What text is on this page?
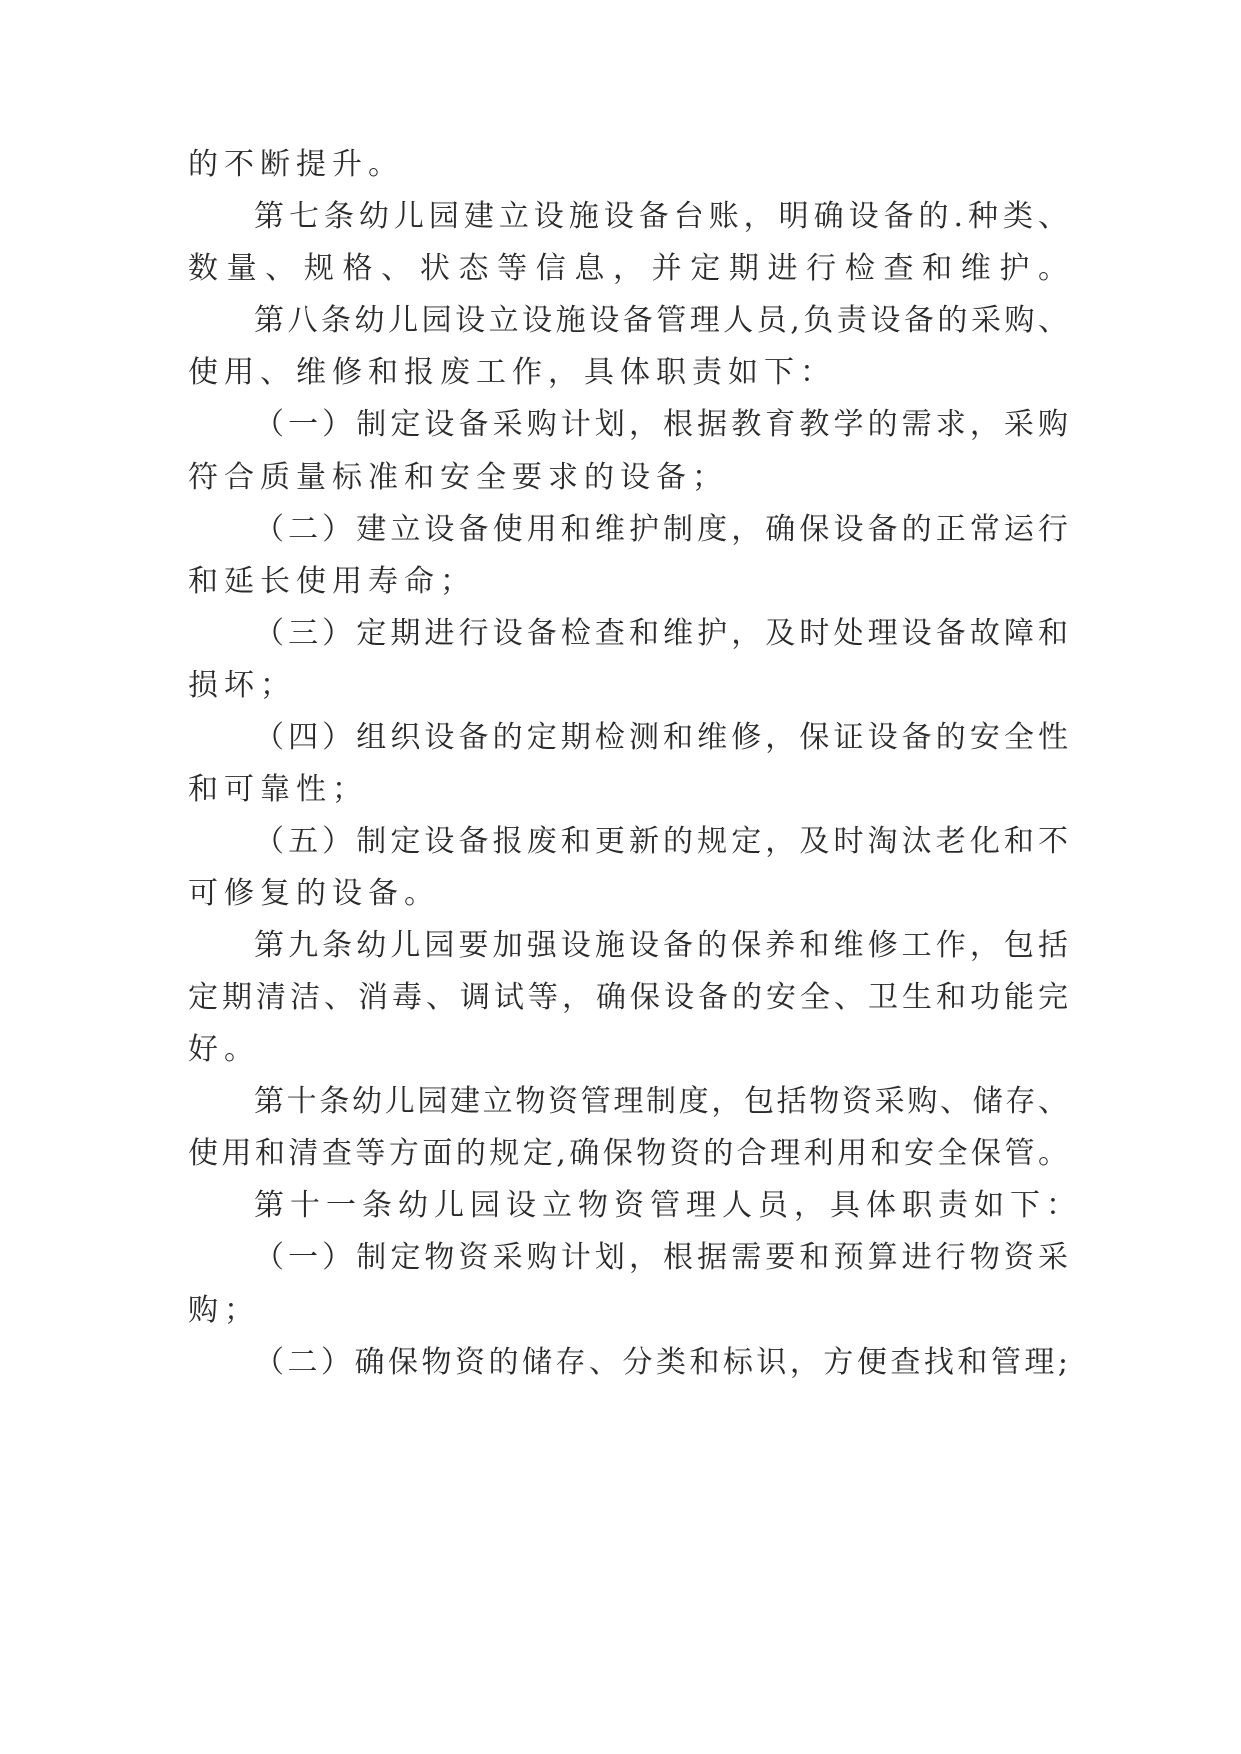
的不断提升。
第七条幼儿园建立设施设备台账，明确设备的.种类、
数量、规格、状态等信息，并定期进行检查和维护。
第八条幼儿园设立设施设备管理人员,负责设备的采购、
使用、维修和报废工作，具体职责如下：
（一）制定设备采购计划，根据教育教学的需求，采购
符合质量标准和安全要求的设备；
（二）建立设备使用和维护制度，确保设备的正常运行
和延长使用寿命；
（三）定期进行设备检查和维护，及时处理设备故障和
损坏；
（四）组织设备的定期检测和维修，保证设备的安全性
和可靠性；
（五）制定设备报废和更新的规定，及时淘汰老化和不
可修复的设备。
第九条幼儿园要加强设施设备的保养和维修工作，包括
定期清洁、消毒、调试等，确保设备的安全、卫生和功能完
好。
第十条幼儿园建立物资管理制度，包括物资采购、储存、
使用和清查等方面的规定,确保物资的合理利用和安全保管。
第十一条幼儿园设立物资管理人员，具体职责如下：
（一）制定物资采购计划，根据需要和预算进行物资采
购；
（二）确保物资的储存、分类和标识，方便查找和管理;
